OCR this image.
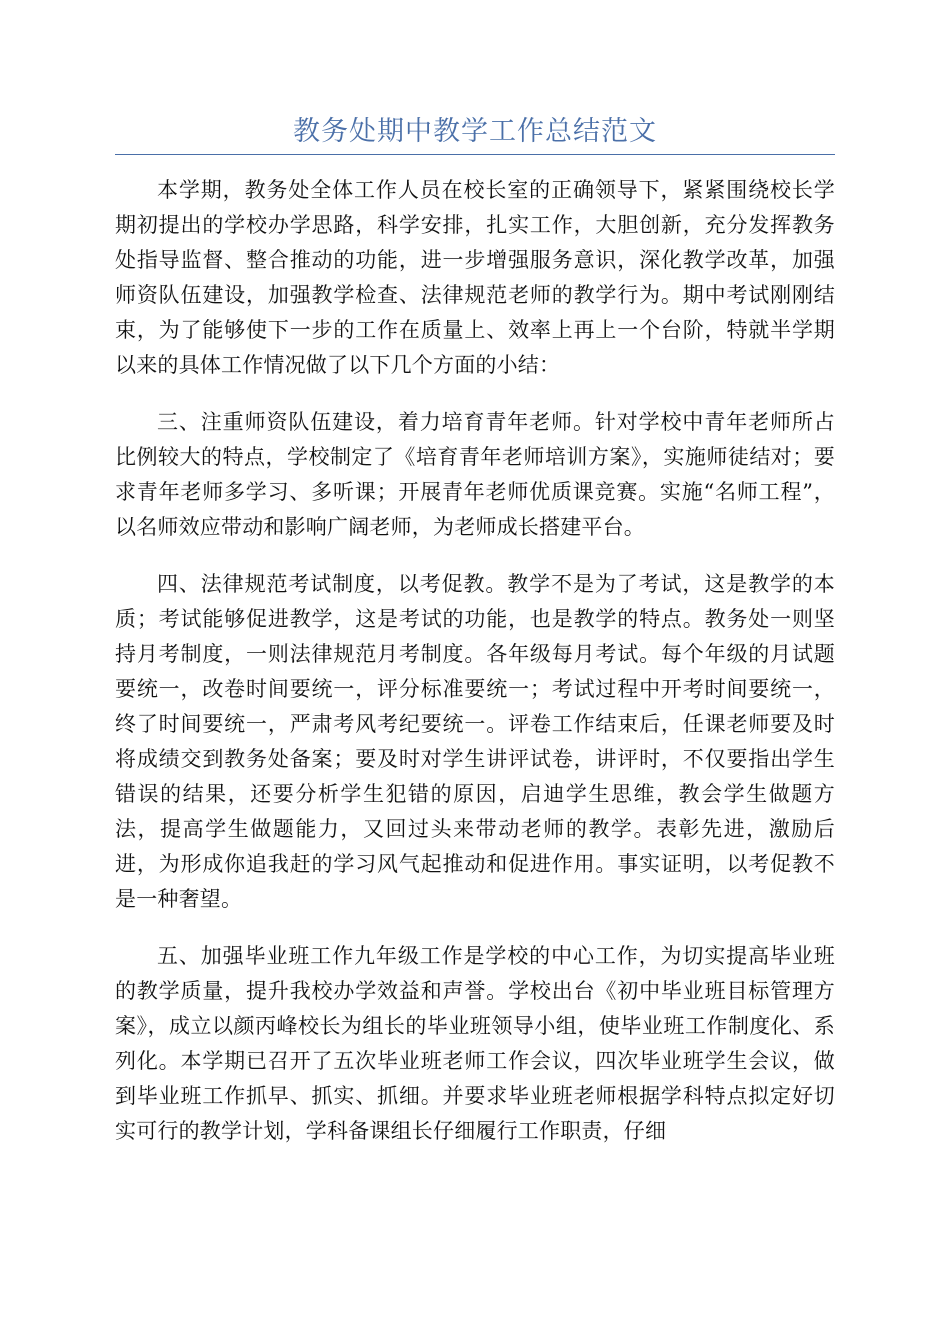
教务处期中教学工作总结范文

本学期，教务处全体工作人员在校长室的正确领导下，紧紧围绕校长学期初提出的学校办学思路，科学安排，扎实工作，大胆创新，充分发挥教务处指导监督、整合推动的功能，进一步增强服务意识，深化教学改革，加强师资队伍建设，加强教学检查、法律规范老师的教学行为。期中考试刚刚结束，为了能够使下一步的工作在质量上、效率上再上一个台阶，特就半学期以来的具体工作情况做了以下几个方面的小结：

三、注重师资队伍建设，着力培育青年老师。针对学校中青年老师所占比例较大的特点，学校制定了《培育青年老师培训方案》，实施师徒结对；要求青年老师多学习、多听课；开展青年老师优质课竞赛。实施“名师工程”，以名师效应带动和影响广阔老师，为老师成长搭建平台。

四、法律规范考试制度，以考促教。教学不是为了考试，这是教学的本质；考试能够促进教学，这是考试的功能，也是教学的特点。教务处一则坚持月考制度，一则法律规范月考制度。各年级每月考试。每个年级的月试题要统一，改卷时间要统一，评分标准要统一；考试过程中开考时间要统一，终了时间要统一，严肃考风考纪要统一。评卷工作结束后，任课老师要及时将成绩交到教务处备案；要及时对学生讲评试卷，讲评时，不仅要指出学生错误的结果，还要分析学生犯错的原因，启迪学生思维，教会学生做题方法，提高学生做题能力，又回过头来带动老师的教学。表彰先进，激励后进，为形成你追我赶的学习风气起推动和促进作用。事实证明，以考促教不是一种奢望。

五、加强毕业班工作九年级工作是学校的中心工作，为切实提高毕业班的教学质量，提升我校办学效益和声誉。学校出台《初中毕业班目标管理方案》，成立以颜丙峰校长为组长的毕业班领导小组，使毕业班工作制度化、系列化。本学期已召开了五次毕业班老师工作会议，四次毕业班学生会议，做到毕业班工作抓早、抓实、抓细。并要求毕业班老师根据学科特点拟定好切实可行的教学计划，学科备课组长仔细履行工作职责，仔细
